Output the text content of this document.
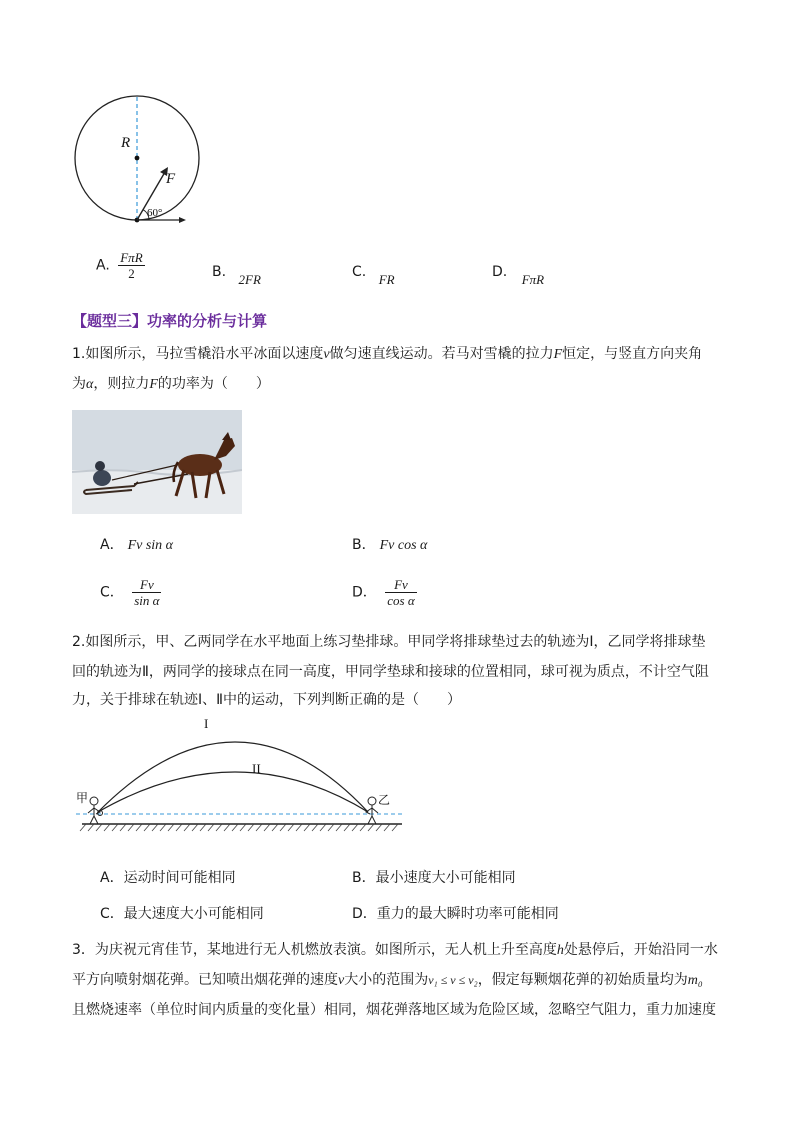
R
F
60°
A. $\frac{\text{FπR}}{2}$	B. 2FR	C. FR	D. FπR
【题型三】功率的分析与计算
1.如图所示，马拉雪橇沿水平冰面以速度v做匀速直线运动。若马对雪橇的拉力F恒定，与竖直方向夹角
为α，则拉力F的功率为（　　）
A． Fv sin α	B． Fv cos α
C． $\frac{Fv}{\text{sin α}}$	D． $\frac{Fv}{\text{cos α}}$
2.如图所示，甲、乙两同学在水平地面上练习垫排球。甲同学将排球垫过去的轨迹为Ⅰ，乙同学将排球垫
回的轨迹为Ⅱ，两同学的接球点在同一高度，甲同学垫球和接球的位置相同，球可视为质点，不计空气阻
力，关于排球在轨迹Ⅰ、Ⅱ中的运动，下列判断正确的是（　　）
I
II
甲	乙
A．运动时间可能相同	B．最小速度大小可能相同
C．最大速度大小可能相同	D．重力的最大瞬时功率可能相同
3．为庆祝元宵佳节，某地进行无人机燃放表演。如图所示，无人机上升至高度h处悬停后，开始沿同一水
平方向喷射烟花弹。已知喷出烟花弹的速度v大小的范围为v₁ ≤ v ≤ v₂，假定每颗烟花弹的初始质量均为m₀
且燃烧速率（单位时间内质量的变化量）相同，烟花弹落地区域为危险区域，忽略空气阻力，重力加速度
